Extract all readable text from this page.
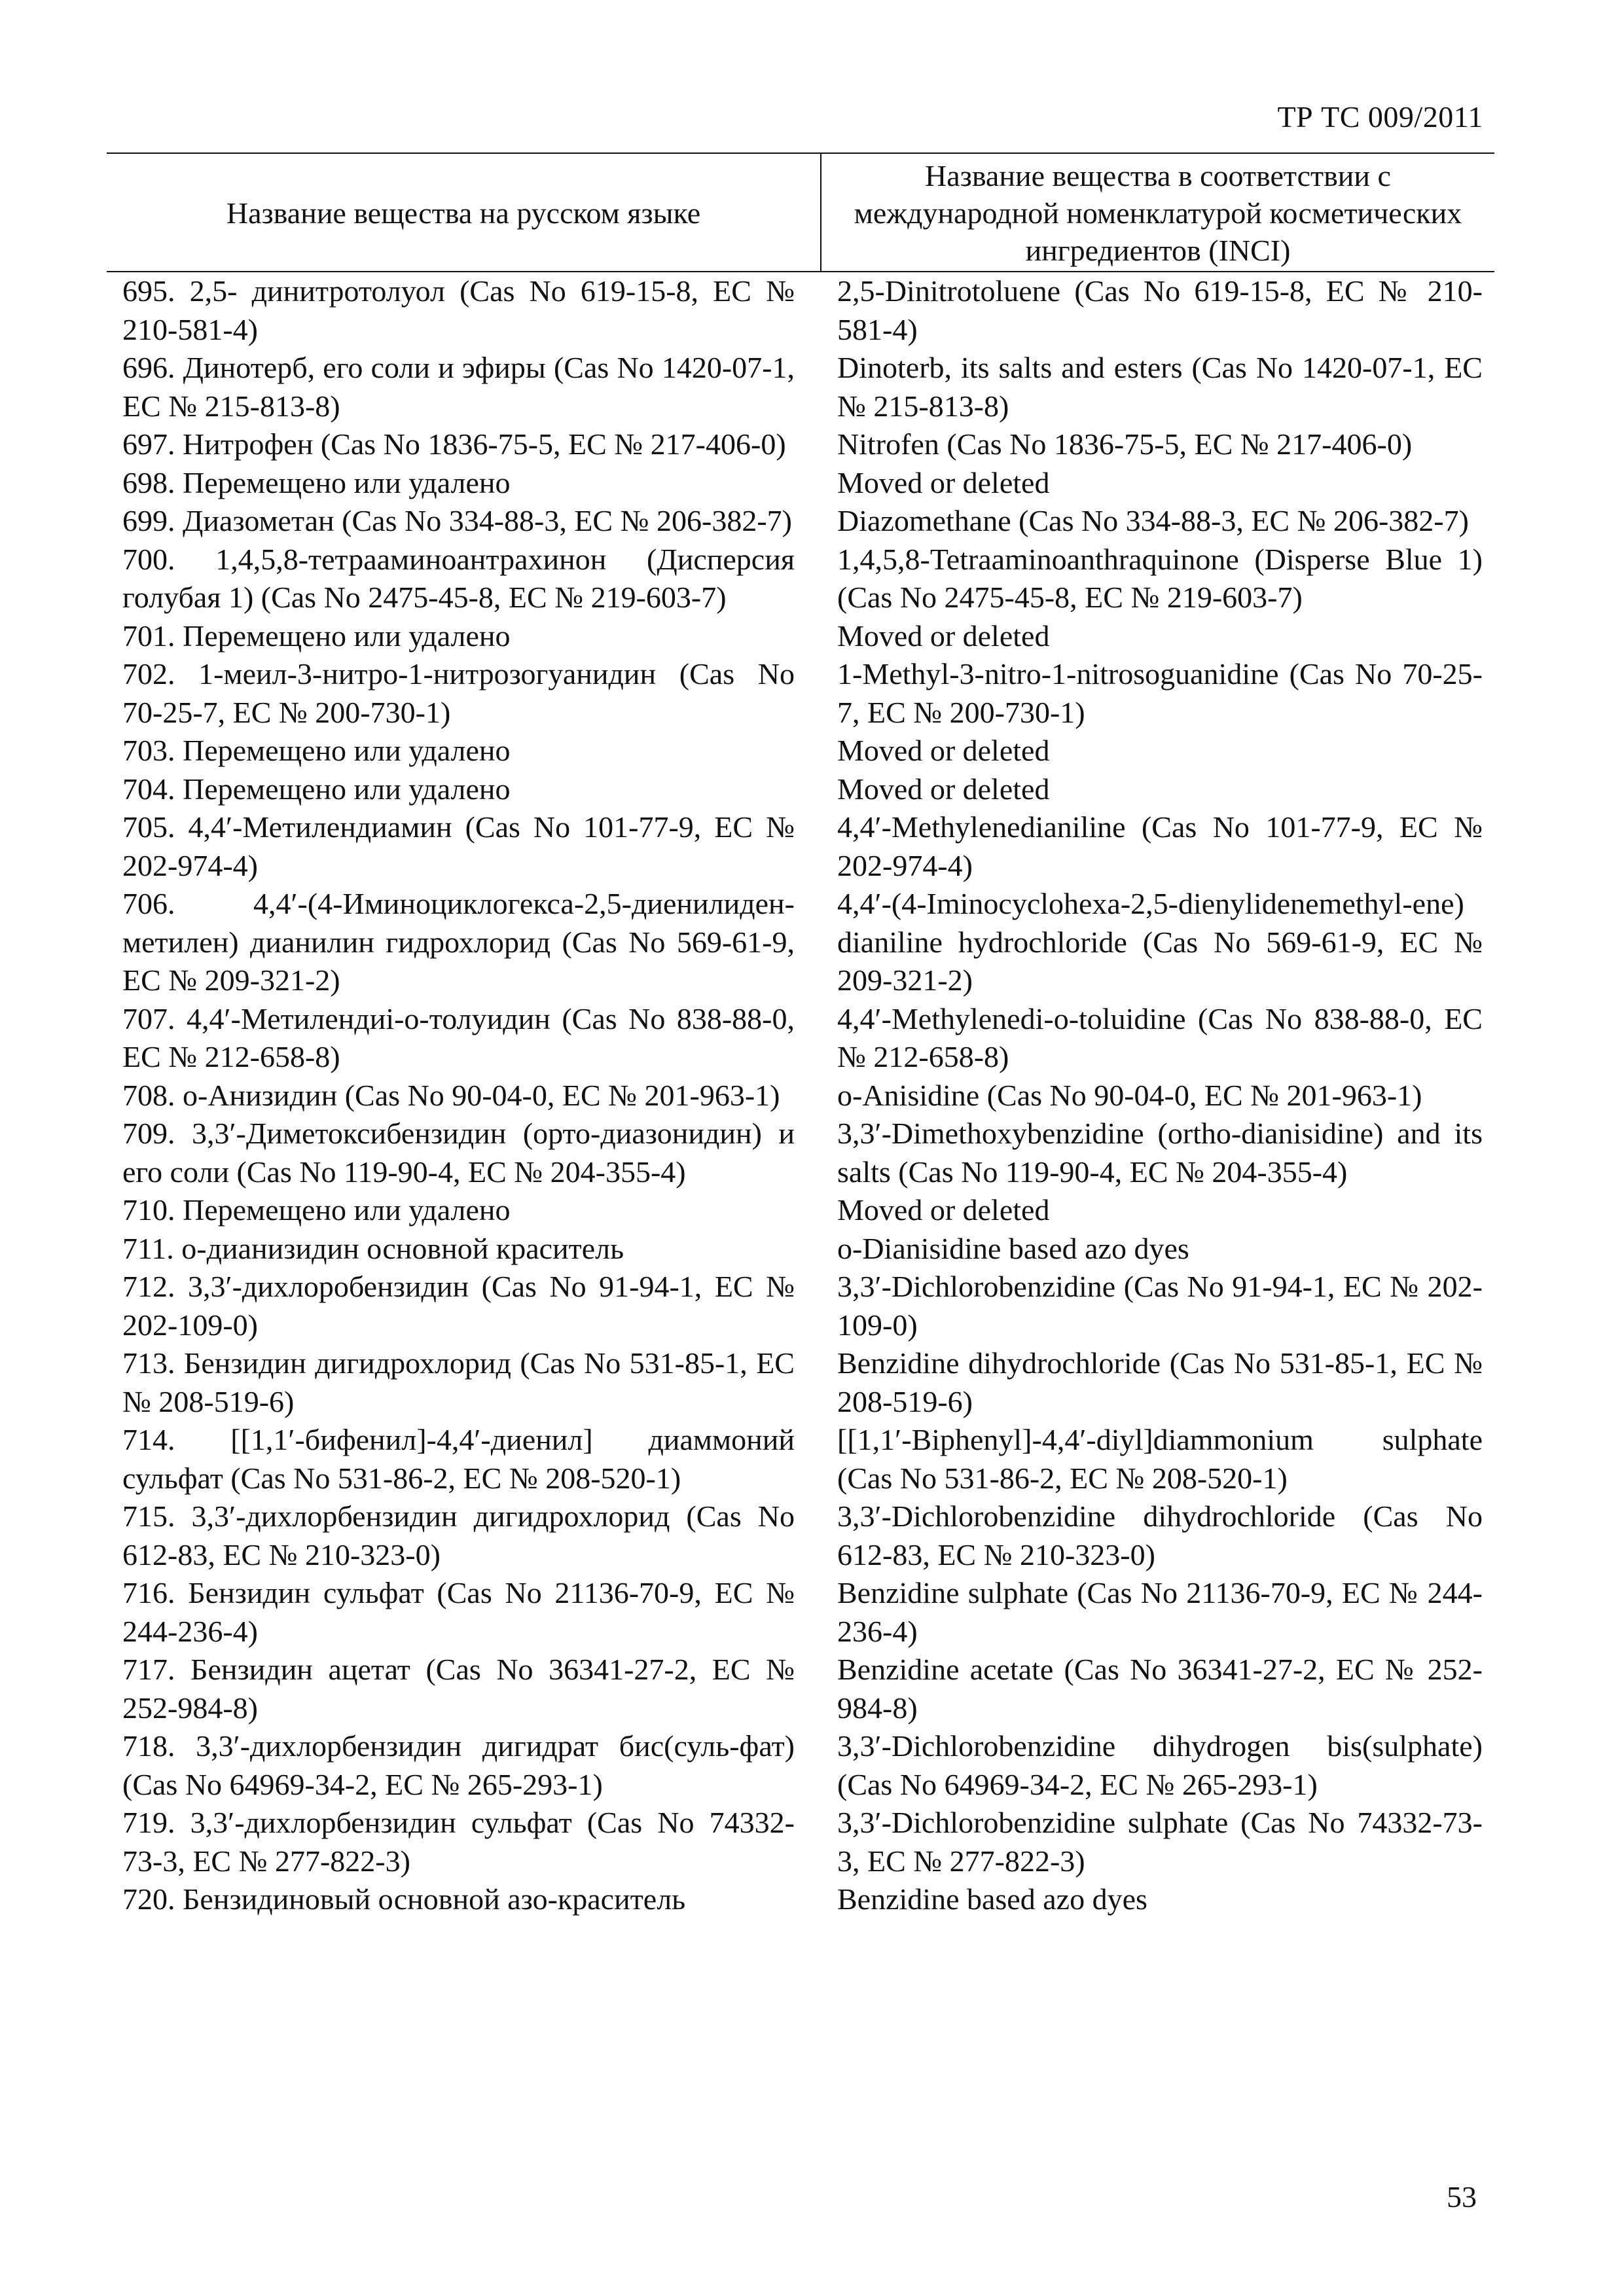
ТР ТС 009/2011
Название вещества на русском языке	Название вещества в соответствии с международной номенклатурой косметических ингредиентов (INCI)
695. 2,5- динитротолуол (Cas No 619-15-8, ЕС № 210-581-4)	2,5-Dinitrotoluene (Cas No 619-15-8, ЕС № 210-581-4)
696. Динотерб, его соли и эфиры (Cas No 1420-07-1, ЕС № 215-813-8)	Dinoterb, its salts and esters (Cas No 1420-07-1, ЕС № 215-813-8)
697. Нитрофен (Cas No 1836-75-5, ЕС № 217-406-0)	Nitrofen (Cas No 1836-75-5, ЕС № 217-406-0)
698. Перемещено или удалено	Moved or deleted
699. Диазометан (Cas No 334-88-3, ЕС № 206-382-7)	Diazomethane (Cas No 334-88-3, ЕС № 206-382-7)
700. 1,4,5,8-тетрааминоантрахинон (Дисперсия голубая 1) (Cas No 2475-45-8, ЕС № 219-603-7)	1,4,5,8-Tetraaminoanthraquinone (Disperse Blue 1) (Cas No 2475-45-8, ЕС № 219-603-7)
701. Перемещено или удалено	Moved or deleted
702. 1-меил-3-нитро-1-нитрозогуанидин (Cas No 70-25-7, ЕС № 200-730-1)	1-Methyl-3-nitro-1-nitrosoguanidine (Cas No 70-25-7, ЕС № 200-730-1)
703. Перемещено или удалено	Moved or deleted
704. Перемещено или удалено	Moved or deleted
705. 4,4′-Метилендиамин (Cas No 101-77-9, ЕС № 202-974-4)	4,4′-Methylenedianiline (Cas No 101-77-9, ЕС № 202-974-4)
706. 4,4′-(4-Иминоциклогекса-2,5-диенилиден-метилен) дианилин гидрохлорид (Cas No 569-61-9, ЕС № 209-321-2)	4,4′-(4-Iminocyclohexa-2,5-dienylidenemethyl-ene) dianiline hydrochloride (Cas No 569-61-9, ЕС № 209-321-2)
707. 4,4′-Метилендиі-о-толуидин (Cas No 838-88-0, ЕС № 212-658-8)	4,4′-Methylenedi-o-toluidine (Cas No 838-88-0, ЕС № 212-658-8)
708. о-Анизидин (Cas No 90-04-0, ЕС № 201-963-1)	o-Anisidine (Cas No 90-04-0, ЕС № 201-963-1)
709. 3,3′-Диметоксибензидин (орто-диазонидин) и его соли (Cas No 119-90-4, ЕС № 204-355-4)	3,3′-Dimethoxybenzidine (ortho-dianisidine) and its salts (Cas No 119-90-4, ЕС № 204-355-4)
710. Перемещено или удалено	Moved or deleted
711. о-дианизидин основной краситель	o-Dianisidine based azo dyes
712. 3,3′-дихлоробензидин (Cas No 91-94-1, ЕС № 202-109-0)	3,3′-Dichlorobenzidine (Cas No 91-94-1, ЕС № 202-109-0)
713. Бензидин дигидрохлорид (Cas No 531-85-1, ЕС № 208-519-6)	Benzidine dihydrochloride (Cas No 531-85-1, ЕС № 208-519-6)
714. [[1,1′-бифенил]-4,4′-диенил] диаммоний сульфат (Cas No 531-86-2, ЕС № 208-520-1)	[[1,1′-Biphenyl]-4,4′-diyl]diammonium sulphate (Cas No 531-86-2, ЕС № 208-520-1)
715. 3,3′-дихлорбензидин дигидрохлорид (Cas No 612-83, ЕС № 210-323-0)	3,3′-Dichlorobenzidine dihydrochloride (Cas No 612-83, ЕС № 210-323-0)
716. Бензидин сульфат (Cas No 21136-70-9, ЕС № 244-236-4)	Benzidine sulphate (Cas No 21136-70-9, ЕС № 244-236-4)
717. Бензидин ацетат (Cas No 36341-27-2, ЕС № 252-984-8)	Benzidine acetate (Cas No 36341-27-2, ЕС № 252-984-8)
718. 3,3′-дихлорбензидин дигидрат бис(суль-фат) (Cas No 64969-34-2, ЕС № 265-293-1)	3,3′-Dichlorobenzidine dihydrogen bis(sulphate) (Cas No 64969-34-2, ЕС № 265-293-1)
719. 3,3′-дихлорбензидин сульфат (Cas No 74332-73-3, ЕС № 277-822-3)	3,3′-Dichlorobenzidine sulphate (Cas No 74332-73-3, ЕС № 277-822-3)
720. Бензидиновый основной азо-краситель	Benzidine based azo dyes
53
